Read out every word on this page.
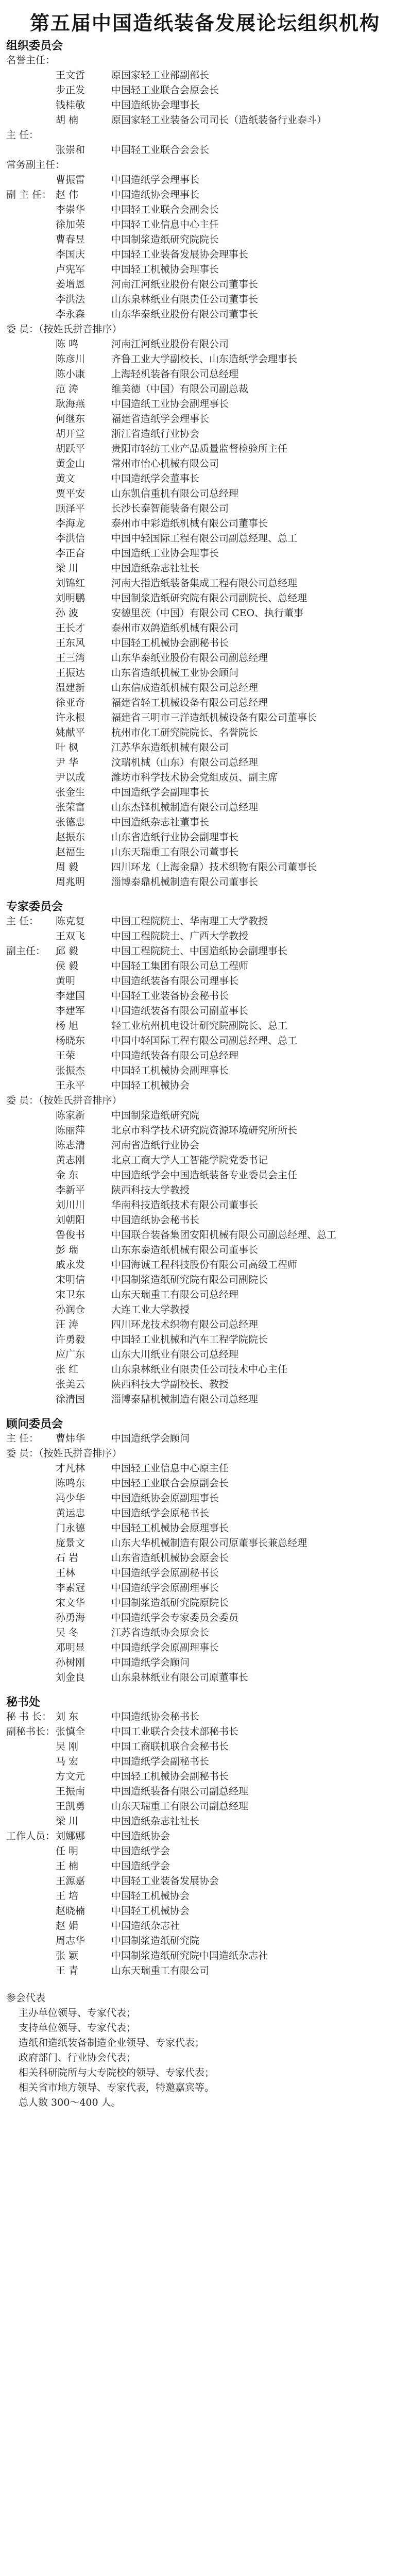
第五届中国造纸装备发展论坛组织机构
组织委员会
名誉主任：
王文哲	原国家轻工业部副部长
步正发	中国轻工业联合会原会长
钱桂敬	中国造纸协会理事长
胡 楠	原国家轻工业装备公司司长（造纸装备行业泰斗）
主 任：
张崇和	中国轻工业联合会会长
常务副主任：
曹振雷	中国造纸学会理事长
副 主 任： 赵 伟	中国造纸协会理事长
李崇华	中国轻工业联合会副会长
徐加荣	中国轻工业信息中心主任
曹春昱	中国制浆造纸研究院院长
李国庆	中国轻工业装备发展协会理事长
卢宪军	中国轻工机械协会理事长
姜增恩	河南江河纸业股份有限公司董事长
李洪法	山东泉林纸业有限责任公司董事长
李永森	山东华泰纸业股份有限公司董事长
委 员：（按姓氏拼音排序）
陈 鸣	河南江河纸业股份有限公司
陈彦川	齐鲁工业大学副校长、山东造纸学会理事长
陈小康	上海轻机装备有限公司总经理
范 涛	维美德（中国）有限公司副总裁
耿海燕	中国造纸工业协会副理事长
何继东	福建省造纸学会理事长
胡开堂	浙江省造纸行业协会
胡跃平	贵阳市轻纺工业产品质量监督检验所主任
黄金山	常州市怡心机械有限公司
黄文	中国造纸学会董事长
贾平安	山东凯信重机有限公司总经理
顾泽平	长沙长泰智能装备有限公司
李海龙	泰州市中彩造纸机械有限公司董事长
李洪信	中国中轻国际工程有限公司副总经理、总工
李正奋	中国造纸工业协会理事长
梁 川	中国造纸杂志社社长
刘锦红	河南大指造纸装备集成工程有限公司总经理
刘明鹏	中国制浆造纸研究院有限公司副院长、总经理
孙 波	安德里茨（中国）有限公司 CEO、执行董事
王长才	泰州市双鸽造纸机械有限公司
王东风	中国轻工机械协会副秘书长
王三湾	山东华泰纸业股份有限公司副总经理
王振达	山东省造纸机械工业协会顾问
温建新	山东信成造纸机械有限公司总经理
徐亚奇	福建省轻工机械设备有限公司总经理
许永根	福建省三明市三洋造纸机械设备有限公司董事长
姚献平	杭州市化工研究院院长、名誉院长
叶 枫	江苏华东造纸机械有限公司
尹 华	汶瑞机械（山东）有限公司总经理
尹以成	潍坊市科学技术协会党组成员、副主席
张金生	中国造纸学会副理事长
张荣富	山东杰锋机械制造有限公司总经理
张德忠	中国造纸杂志社董事长
赵振东	山东省造纸行业协会副理事长
赵福生	山东天瑞重工有限公司董事长
周 毅	四川环龙（上海金鼎）技术织物有限公司董事长
周兆明	淄博泰鼎机械制造有限公司董事长
专家委员会
主 任： 陈克复	中国工程院院士、华南理工大学教授
王双飞	中国工程院院士、广西大学教授
副主任： 邱 毅	中国工程院院士、中国造纸协会副理事长
侯 毅	中国轻工集团有限公司总工程师
黄明	中国造纸装备有限公司理事长
李建国	中国轻工业装备协会秘书长
李建军	中国造纸装备有限公司副董事长
杨 旭	轻工业杭州机电设计研究院副院长、总工
杨晓东	中国中轻国际工程有限公司副总经理、总工
王荣	中国造纸装备有限公司总经理
张振杰	中国轻工机械协会副理事长
王永平	中国轻工机械协会
委 员：（按姓氏拼音排序）
陈家新	中国制浆造纸研究院
陈丽萍	北京市科学技术研究院资源环境研究所所长
陈志清	河南省造纸行业协会
黄志刚	北京工商大学人工智能学院党委书记
金 东	中国造纸学会中国造纸装备专业委员会主任
李新平	陕西科技大学教授
刘川川	华南科技造纸技术有限公司董事长
刘朝阳	中国造纸协会秘书长
鲁俊书	中国联合装备集团安阳机械有限公司副总经理、总工
彭 瑞	山东东泰造纸机械有限公司董事长
戚永发	中国海诚工程科技股份有限公司高级工程师
宋明信	中国制浆造纸研究院有限公司副院长
宋卫东	山东天瑞重工有限公司总经理
孙润仓	大连工业大学教授
汪 涛	四川环龙技术织物有限公司总经理
许勇毅	中国轻工业机械和汽车工程学院院长
应广东	山东大川纸业有限公司总经理
张 红	山东泉林纸业有限责任公司技术中心主任
张美云	陕西科技大学副校长、教授
徐清国	淄博泰鼎机械制造有限公司总经理
顾问委员会
主 任： 曹炜华	中国造纸学会顾问
委 员：（按姓氏拼音排序）
才凡林	中国轻工业信息中心原主任
陈鸣东	中国轻工业联合会原副会长
冯少华	中国造纸协会原副理事长
黄运忠	中国造纸学会原秘书长
门永德	中国轻工机械协会原理事长
庞景文	山东大华机械制造有限公司原董事长兼总经理
石 岩	山东省造纸机械协会原会长
王林	中国造纸学会原副秘书长
李素冠	中国造纸学会原副理事长
宋文华	中国制浆造纸研究院原院长
孙勇海	中国造纸学会专家委员会委员
吴 冬	江苏省造纸协会原会长
邓明显	中国造纸学会原副理事长
孙树刚	中国造纸学会顾问
刘金良	山东泉林纸业有限公司原董事长
秘书处
秘 书 长： 刘 东	中国造纸协会秘书长
副秘书长：张慎全	中国工业联合会技术部秘书长
吴 刚	中国工商联机联合会秘书长
马 宏	中国造纸学会副秘书长
方文元	中国轻工机械协会副秘书长
王振南	中国造纸装备有限公司副总经理
王凯勇	山东天瑞重工有限公司副总经理
梁 川	中国造纸杂志社社长
工作人员：刘娜娜	中国造纸协会
任 明	中国造纸学会
王 楠	中国造纸学会
王源嘉	中国轻工业装备发展协会
王 培	中国轻工机械协会
赵晓楠	中国轻工机械协会
赵 娟	中国造纸杂志社
周志华	中国制浆造纸研究院
张 颖	中国制浆造纸研究院中国造纸杂志社
王 青	山东天瑞重工有限公司
参会代表
主办单位领导、专家代表；
支持单位领导、专家代表；
造纸和造纸装备制造企业领导、专家代表；
政府部门、行业协会代表；
相关科研院所与大专院校的领导、专家代表；
相关省市地方领导、专家代表，特邀嘉宾等。
总人数 300～400 人。
